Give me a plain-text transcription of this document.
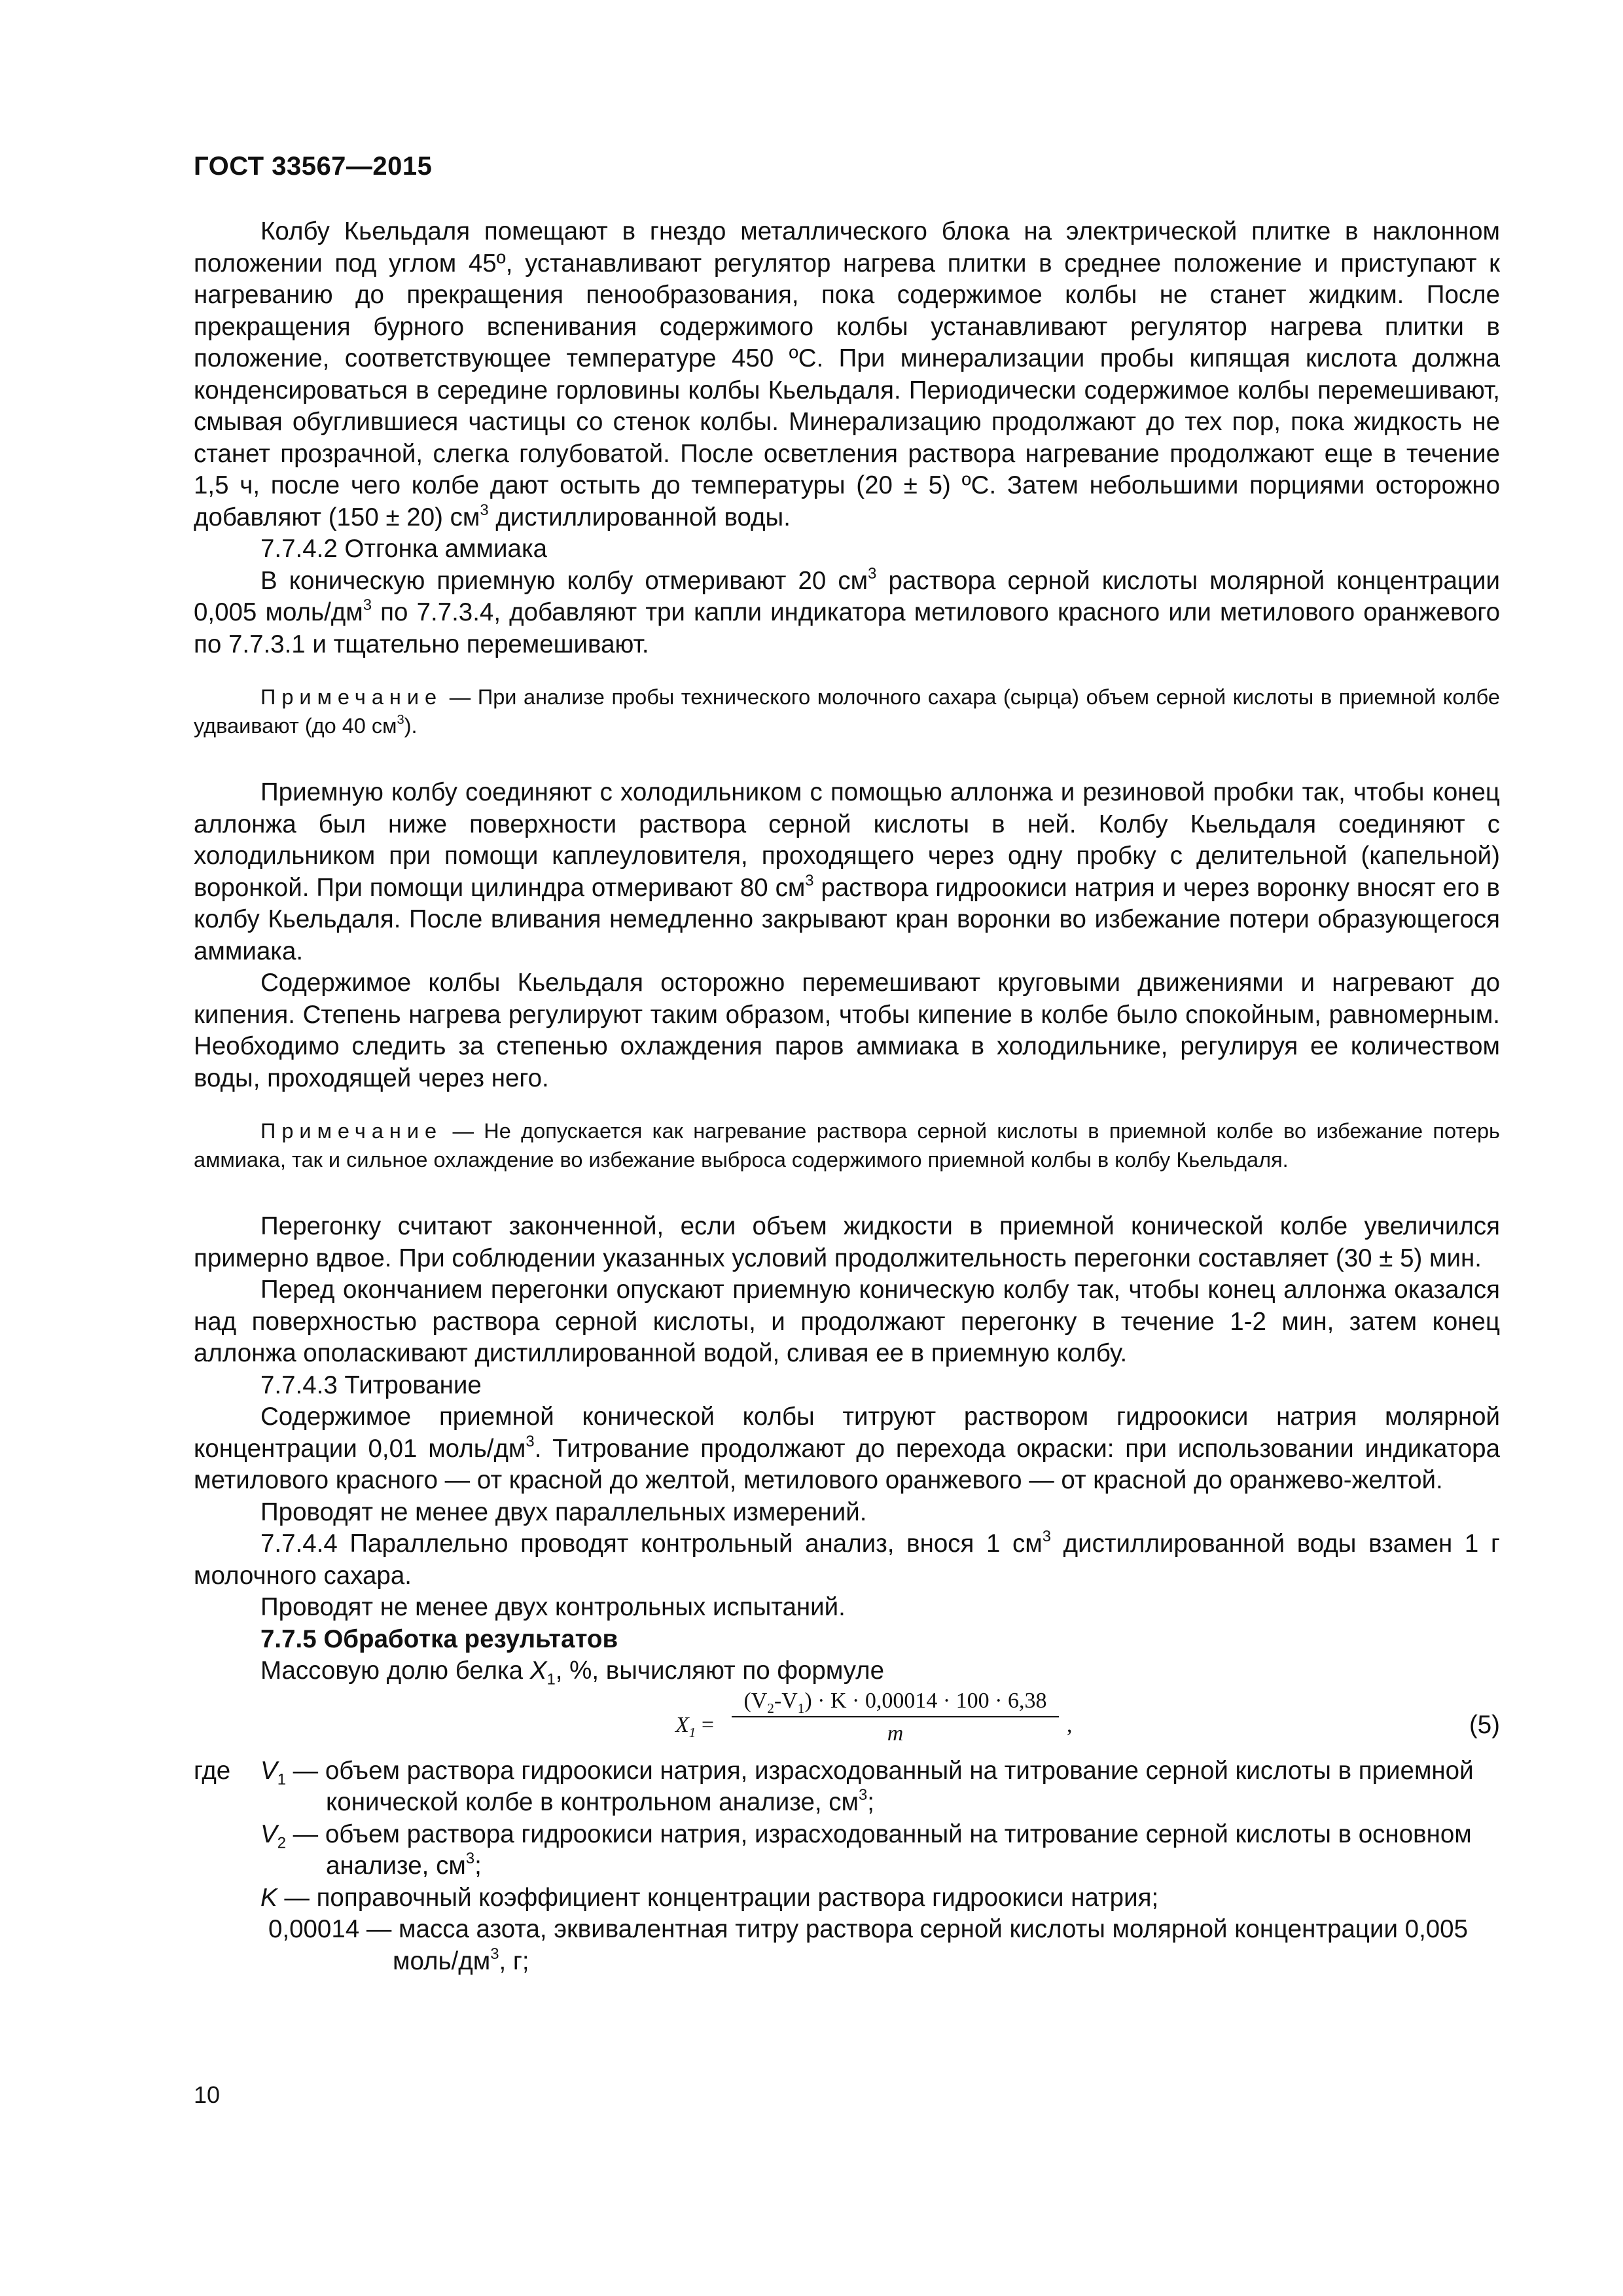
ГОСТ 33567—2015

Колбу Кьельдаля помещают в гнездо металлического блока на электрической плитке в наклонном положении под углом 45º, устанавливают регулятор нагрева плитки в среднее положение и приступают к нагреванию до прекращения пенообразования, пока содержимое колбы не станет жидким. После прекращения бурного вспенивания содержимого колбы устанавливают регулятор нагрева плитки в положение, соответствующее температуре 450 ºС. При минерализации пробы кипящая кислота должна конденсироваться в середине горловины колбы Кьельдаля. Периодически содержимое колбы перемешивают, смывая обуглившиеся частицы со стенок колбы. Минерализацию продолжают до тех пор, пока жидкость не станет прозрачной, слегка голубоватой. После осветления раствора нагревание продолжают еще в течение 1,5 ч, после чего колбе дают остыть до температуры (20 ± 5) ºС. Затем небольшими порциями осторожно добавляют (150 ± 20) $см^3$ дистиллированной воды.

7.7.4.2 Отгонка аммиака

В коническую приемную колбу отмеривают 20 $см^3$ раствора серной кислоты молярной концентрации 0,005 моль/$дм^3$ по 7.7.3.4, добавляют три капли индикатора метилового красного или метилового оранжевого по 7.7.3.1 и тщательно перемешивают.

Примечание — При анализе пробы технического молочного сахара (сырца) объем серной кислоты в приемной колбе удваивают (до 40 $см^3$).

Приемную колбу соединяют с холодильником с помощью аллонжа и резиновой пробки так, чтобы конец аллонжа был ниже поверхности раствора серной кислоты в ней. Колбу Кьельдаля соединяют с холодильником при помощи каплеуловителя, проходящего через одну пробку с делительной (капельной) воронкой. При помощи цилиндра отмеривают 80 $см^3$ раствора гидроокиси натрия и через воронку вносят его в колбу Кьельдаля. После вливания немедленно закрывают кран воронки во избежание потери образующегося аммиака.

Содержимое колбы Кьельдаля осторожно перемешивают круговыми движениями и нагревают до кипения. Степень нагрева регулируют таким образом, чтобы кипение в колбе было спокойным, равномерным. Необходимо следить за степенью охлаждения паров аммиака в холодильнике, регулируя ее количеством воды, проходящей через него.

Примечание — Не допускается как нагревание раствора серной кислоты в приемной колбе во избежание потерь аммиака, так и сильное охлаждение во избежание выброса содержимого приемной колбы в колбу Кьельдаля.

Перегонку считают законченной, если объем жидкости в приемной конической колбе увеличился примерно вдвое. При соблюдении указанных условий продолжительность перегонки составляет (30 ± 5) мин.

Перед окончанием перегонки опускают приемную коническую колбу так, чтобы конец аллонжа оказался над поверхностью раствора серной кислоты, и продолжают перегонку в течение 1-2 мин, затем конец аллонжа ополаскивают дистиллированной водой, сливая ее в приемную колбу.

7.7.4.3 Титрование

Содержимое приемной конической колбы титруют раствором гидроокиси натрия молярной концентрации 0,01 моль/$дм^3$. Титрование продолжают до перехода окраски: при использовании индикатора метилового красного — от красной до желтой, метилового оранжевого — от красной до оранжево-желтой.

Проводят не менее двух параллельных измерений.

7.7.4.4 Параллельно проводят контрольный анализ, внося 1 $см^3$ дистиллированной воды взамен 1 г молочного сахара.

Проводят не менее двух контрольных испытаний.

7.7.5 Обработка результатов

Массовую долю белка $X_1$, %, вычисляют по формуле

$X_1$ =
$(V_2-V_1) \cdot K \cdot 0,00014 \cdot 100 \cdot 6,38$
m	,	(5)
где $V_1$ — объем раствора гидроокиси натрия, израсходованный на титрование серной кислоты в приемной конической колбе в контрольном анализе, $см^3$;

$V_2$ — объем раствора гидроокиси натрия, израсходованный на титрование серной кислоты в основном анализе, $см^3$;

K — поправочный коэффициент концентрации раствора гидроокиси натрия;

0,00014 — масса азота, эквивалентная титру раствора серной кислоты молярной концентрации 0,005 моль/$дм^3$, г;

10
